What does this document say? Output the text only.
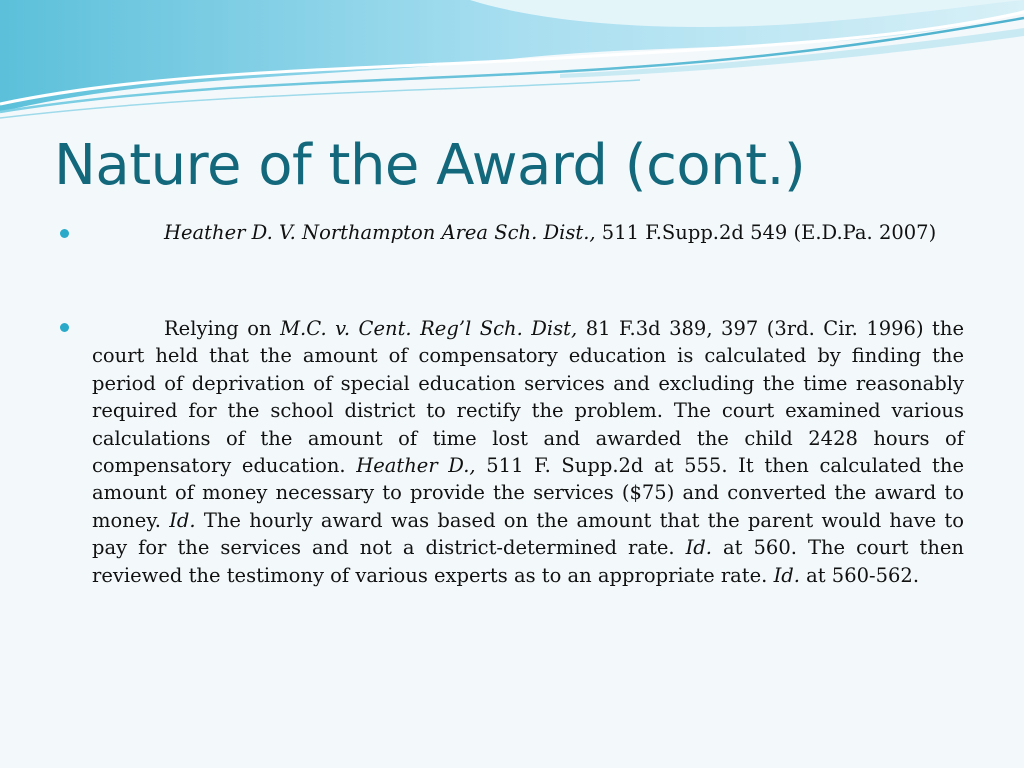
Nature of the Award (cont.)

Heather D. V. Northampton Area Sch. Dist., 511 F.Supp.2d 549 (E.D.Pa. 2007)

Relying on M.C. v. Cent. Reg’l Sch. Dist, 81 F.3d 389, 397 (3rd. Cir. 1996) the court held that the amount of compensatory education is calculated by finding the period of deprivation of special education services and excluding the time reasonably required for the school district to rectify the problem. The court examined various calculations of the amount of time lost and awarded the child 2428 hours of compensatory education. Heather D., 511 F. Supp.2d at 555. It then calculated the amount of money necessary to provide the services ($75) and converted the award to money. Id. The hourly award was based on the amount that the parent would have to pay for the services and not a district-determined rate. Id. at 560. The court then reviewed the testimony of various experts as to an appropriate rate. Id. at 560-562.
